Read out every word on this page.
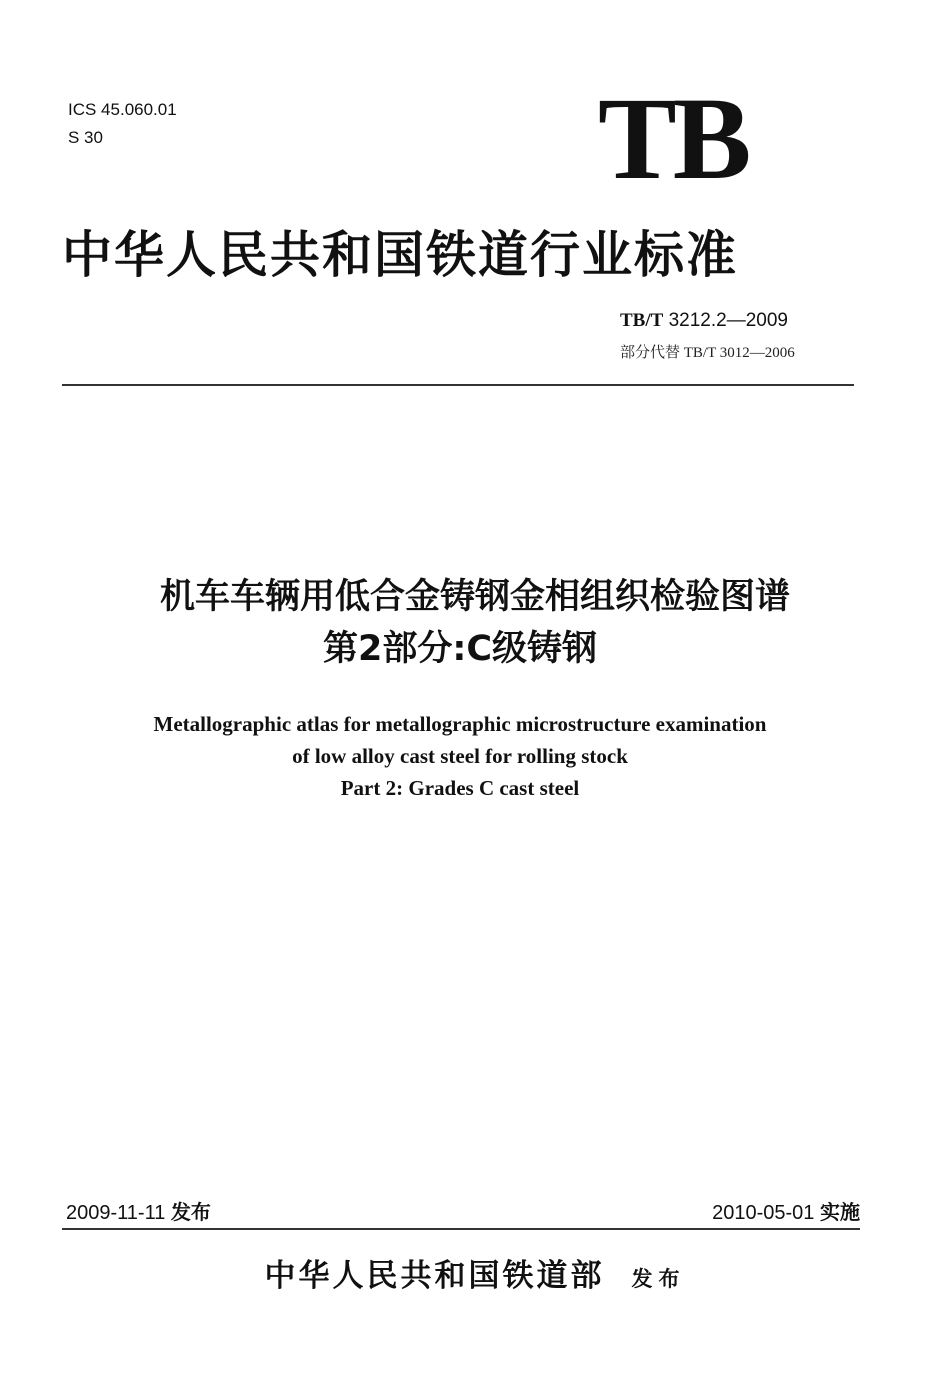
ICS 45.060.01
S 30	TB
中华人民共和国铁道行业标准
TB/T 3212.2—2009
部分代替 TB/T 3012—2006
机车车辆用低合金铸钢金相组织检验图谱
第2部分:C级铸钢
Metallographic atlas for metallographic microstructure examination
of low alloy cast steel for rolling stock
Part 2: Grades C cast steel
2009-11-11 发布	2010-05-01 实施
中华人民共和国铁道部 发布
